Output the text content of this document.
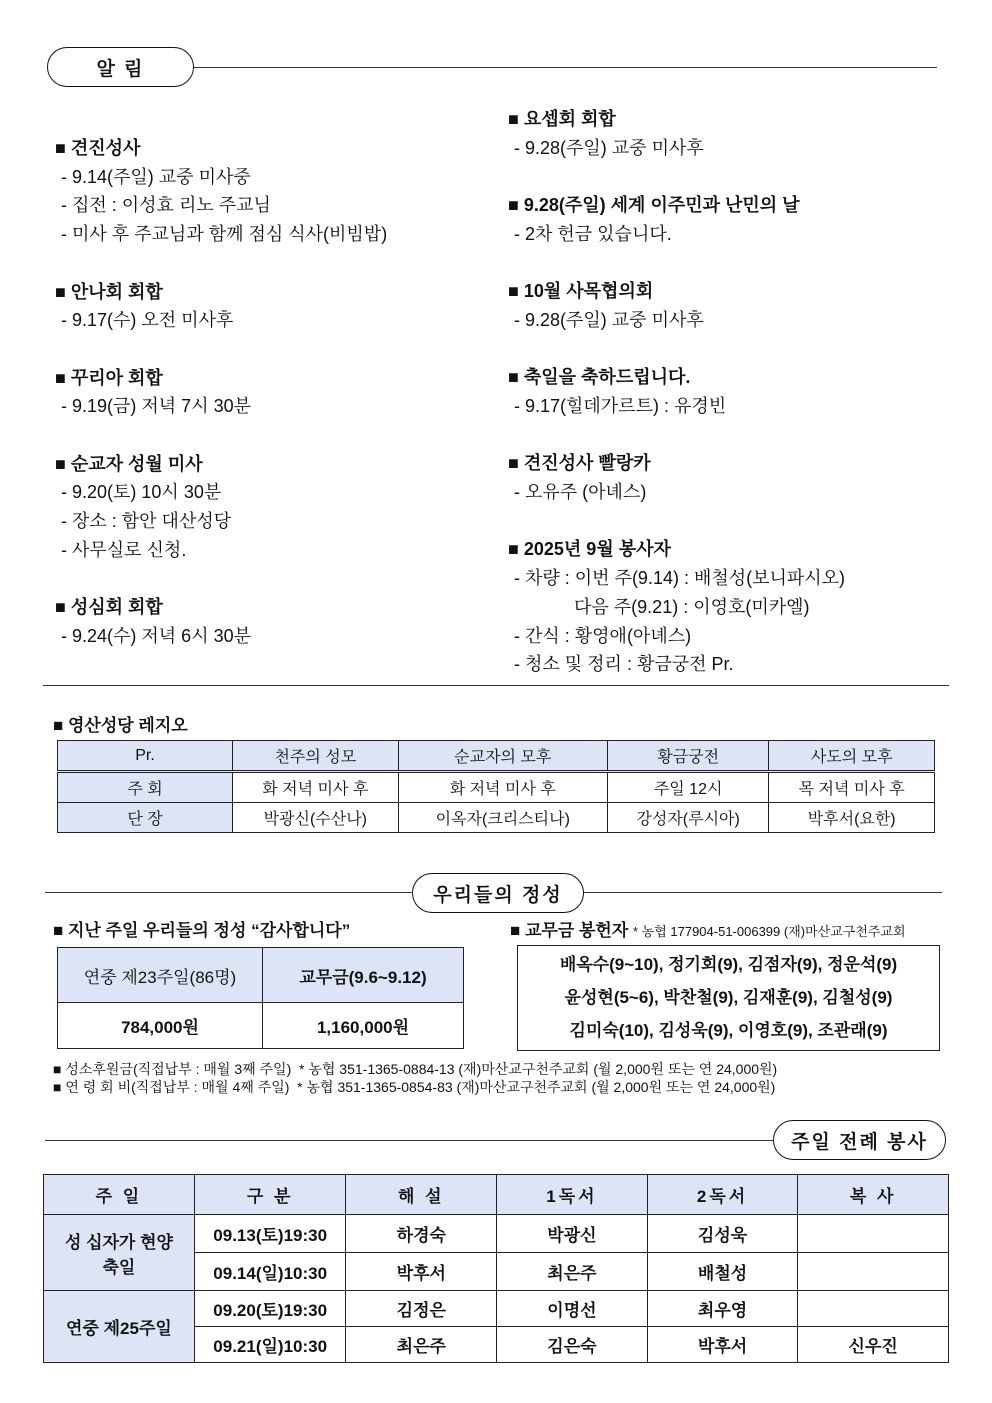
알 림
■ 견진성사
- 9.14(주일) 교중 미사중
- 집전 : 이성효 리노 주교님
- 미사 후 주교님과 함께 점심 식사(비빔밥)
■ 안나회 회합
- 9.17(수) 오전 미사후
■ 꾸리아 회합
- 9.19(금) 저녁 7시 30분
■ 순교자 성월 미사
- 9.20(토) 10시 30분
- 장소 : 함안 대산성당
- 사무실로 신청.
■ 성심회 회합
- 9.24(수) 저녁 6시 30분
■ 요셉회 회합
- 9.28(주일) 교중 미사후
■ 9.28(주일) 세계 이주민과 난민의 날
- 2차 헌금 있습니다.
■ 10월 사목협의회
- 9.28(주일) 교중 미사후
■ 축일을 축하드립니다.
- 9.17(힐데가르트) : 유경빈
■ 견진성사 빨랑카
- 오유주 (아녜스)
■ 2025년 9월 봉사자
- 차량 : 이번 주(9.14) : 배철성(보니파시오)
다음 주(9.21) : 이영호(미카엘)
- 간식 : 황영애(아녜스)
- 청소 및 정리 : 황금궁전 Pr.
■ 영산성당 레지오
Pr.	천주의 성모	순교자의 모후	황금궁전	사도의 모후
주 회	화 저녁 미사 후	화 저녁 미사 후	주일 12시	목 저녁 미사 후
단 장	박광신(수산나)	이옥자(크리스티나)	강성자(루시아)	박후서(요한)
우리들의 정성
■ 지난 주일 우리들의 정성 “감사합니다”	■ 교무금 봉헌자 * 농협 177904-51-006399 (재)마산교구천주교회
연중 제23주일(86명)	교무금(9.6~9.12)
784,000원	1,160,000원
배옥수(9~10), 정기회(9), 김점자(9), 정운석(9)
윤성현(5~6), 박찬철(9), 김재훈(9), 김철성(9)
김미숙(10), 김성욱(9), 이영호(9), 조관래(9)
■ 성소후원금(직접납부 : 매월 3째 주일)  * 농협 351-1365-0884-13 (재)마산교구천주교회 (월 2,000원 또는 연 24,000원)
■ 연 령 회 비(직접납부 : 매월 4째 주일)  * 농협 351-1365-0854-83 (재)마산교구천주교회 (월 2,000원 또는 연 24,000원)
주일 전례 봉사
주 일	구 분	해 설	1독서	2독서	복 사
성 십자가 현양 축일	09.13(토)19:30	하경숙	박광신	김성욱	
	09.14(일)10:30	박후서	최은주	배철성	
연중 제25주일	09.20(토)19:30	김정은	이명선	최우영	
	09.21(일)10:30	최은주	김은숙	박후서	신우진
